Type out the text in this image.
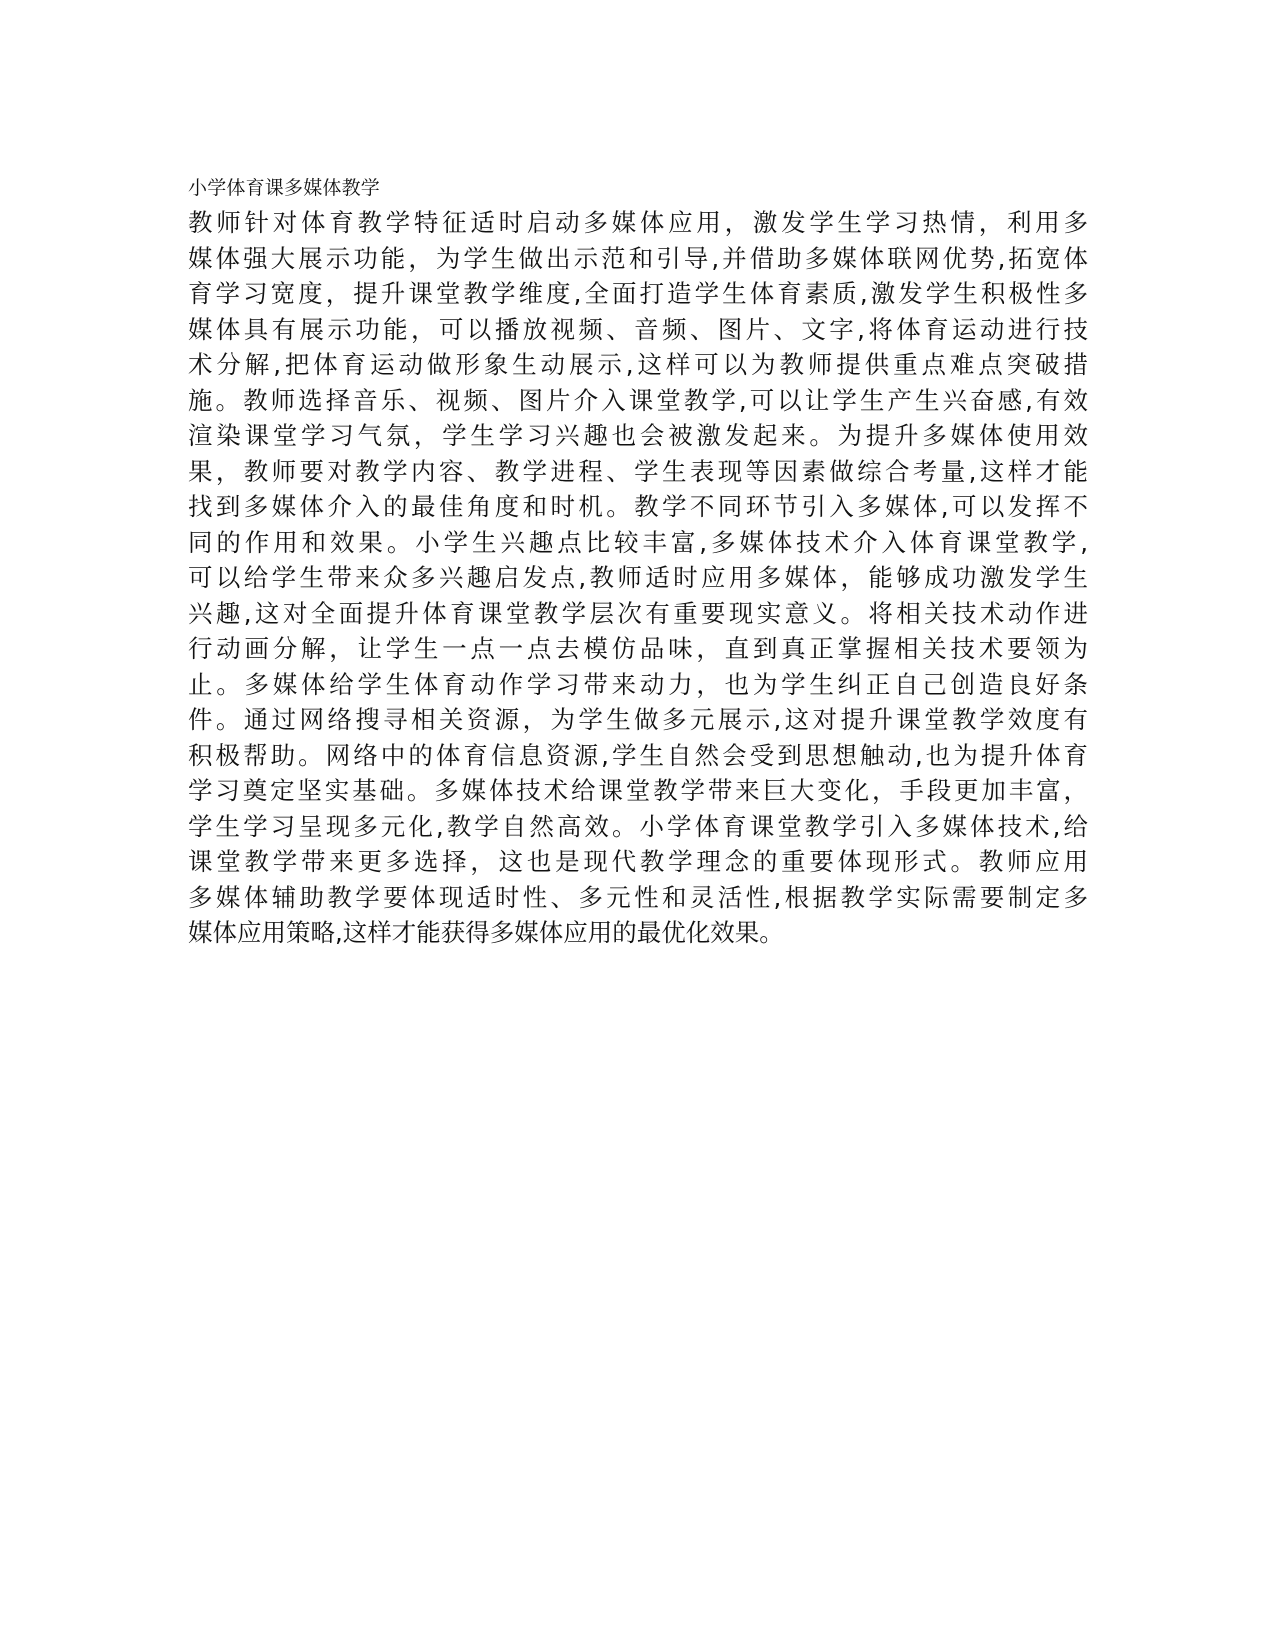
小学体育课多媒体教学
教师针对体育教学特征适时启动多媒体应用，激发学生学习热情，利用多
媒体强大展示功能，为学生做出示范和引导,并借助多媒体联网优势,拓宽体
育学习宽度，提升课堂教学维度,全面打造学生体育素质,激发学生积极性多
媒体具有展示功能，可以播放视频、音频、图片、文字,将体育运动进行技
术分解,把体育运动做形象生动展示,这样可以为教师提供重点难点突破措
施。教师选择音乐、视频、图片介入课堂教学,可以让学生产生兴奋感,有效
渲染课堂学习气氛，学生学习兴趣也会被激发起来。为提升多媒体使用效
果，教师要对教学内容、教学进程、学生表现等因素做综合考量,这样才能
找到多媒体介入的最佳角度和时机。教学不同环节引入多媒体,可以发挥不
同的作用和效果。小学生兴趣点比较丰富,多媒体技术介入体育课堂教学,
可以给学生带来众多兴趣启发点,教师适时应用多媒体，能够成功激发学生
兴趣,这对全面提升体育课堂教学层次有重要现实意义。将相关技术动作进
行动画分解，让学生一点一点去模仿品味，直到真正掌握相关技术要领为
止。多媒体给学生体育动作学习带来动力，也为学生纠正自己创造良好条
件。通过网络搜寻相关资源，为学生做多元展示,这对提升课堂教学效度有
积极帮助。网络中的体育信息资源,学生自然会受到思想触动,也为提升体育
学习奠定坚实基础。多媒体技术给课堂教学带来巨大变化，手段更加丰富，
学生学习呈现多元化,教学自然高效。小学体育课堂教学引入多媒体技术,给
课堂教学带来更多选择，这也是现代教学理念的重要体现形式。教师应用
多媒体辅助教学要体现适时性、多元性和灵活性,根据教学实际需要制定多
媒体应用策略,这样才能获得多媒体应用的最优化效果。
